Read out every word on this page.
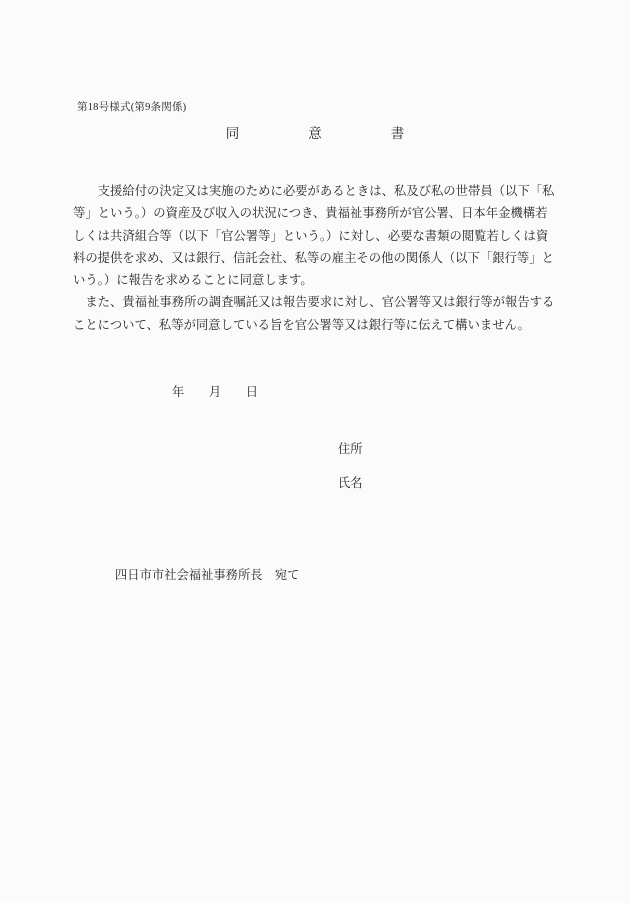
第18号様式(第9条関係)
同	意	書
　　支援給付の決定又は実施のために必要があるときは、私及び私の世帯員（以下「私
等」という。）の資産及び収入の状況につき、貴福祉事務所が官公署、日本年金機構若
しくは共済組合等（以下「官公署等」という。）に対し、必要な書類の閲覧若しくは資
料の提供を求め、又は銀行、信託会社、私等の雇主その他の関係人（以下「銀行等」と
いう。）に報告を求めることに同意します。
　また、貴福祉事務所の調査嘱託又は報告要求に対し、官公署等又は銀行等が報告する
ことについて、私等が同意している旨を官公署等又は銀行等に伝えて構いません。
年　　月　　日
住所
氏名
四日市市社会福祉事務所長　宛て
